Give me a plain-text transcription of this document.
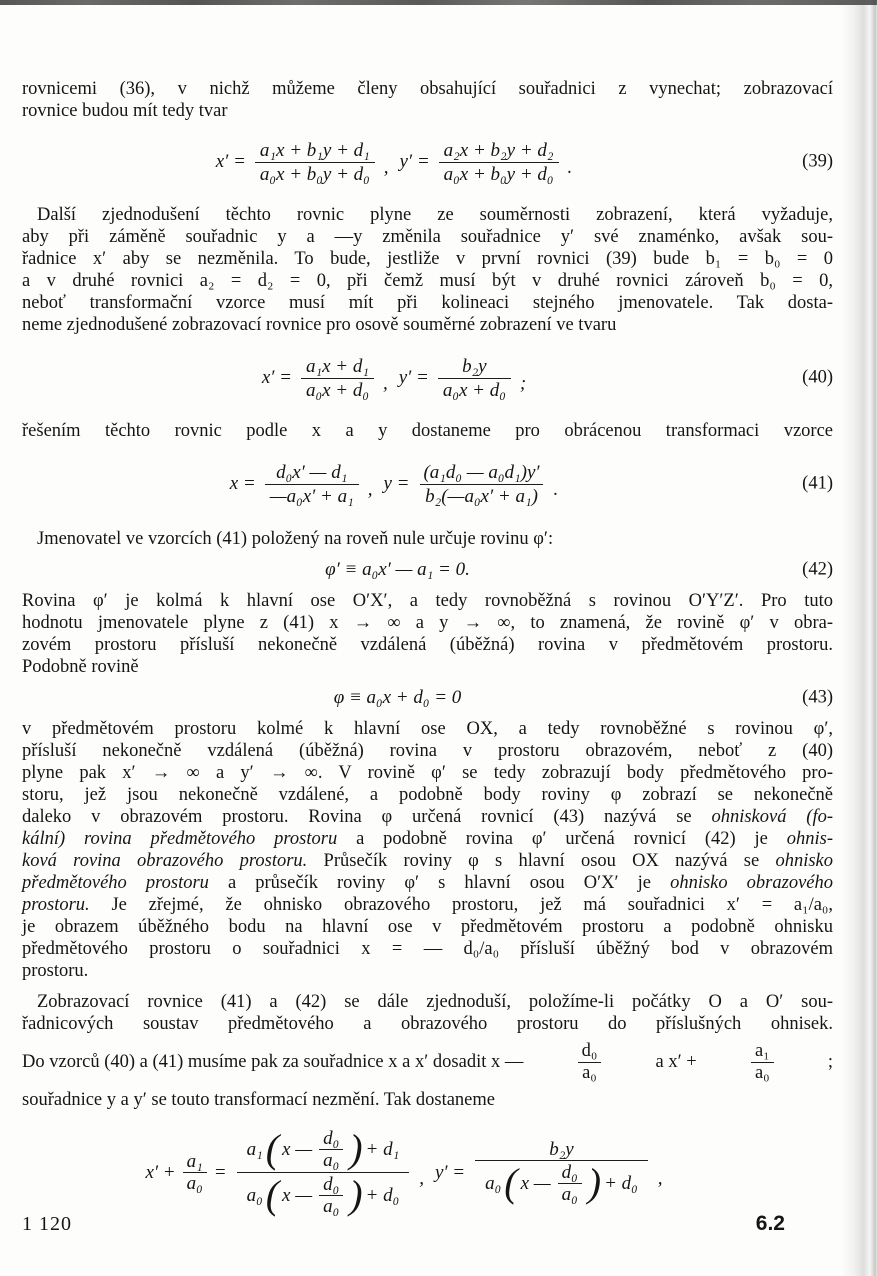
rovnicemi (36), v nichž můžeme členy obsahující souřadnici z vynechat; zobrazovací
rovnice budou mít tedy tvar
$x' = \frac{\text{a₁x + b₁y + d₁}}{\text{a₀x + b₀y + d₀}}$ , $y' = \frac{\text{a₂x + b₂y + d₂}}{\text{a₀x + b₀y + d₀}}$ .	(39)
Další zjednodušení těchto rovnic plyne ze souměrnosti zobrazení, která vyžaduje,
aby při záměně souřadnic y a —y změnila souřadnice y′ své znaménko, avšak sou-
řadnice x′ aby se nezměnila. To bude, jestliže v první rovnici (39) bude b₁ = b₀ = 0
a v druhé rovnici a₂ = d₂ = 0, při čemž musí být v druhé rovnici zároveň b₀ = 0,
neboť transformační vzorce musí mít při kolineaci stejného jmenovatele. Tak dosta-
neme zjednodušené zobrazovací rovnice pro osově souměrné zobrazení ve tvaru
$x' = \frac{\text{a₁x + d₁}}{\text{a₀x + d₀}}$ , $y' = \frac{\text{b₂y}}{\text{a₀x + d₀}}$ ;	(40)
řešením těchto rovnic podle x a y dostaneme pro obrácenou transformaci vzorce
$x = \frac{\text{d₀x′ — d₁}}{\text{—a₀x′ + a₁}}$ , $y = \frac{\text{(a₁d₀ — a₀d₁)y′}}{\text{b₂(—a₀x′ + a₁)}}$ .	(41)
Jmenovatel ve vzorcích (41) položený na roveň nule určuje rovinu φ′:
φ′ ≡ a₀x′ — a₁ = 0.	(42)
Rovina φ′ je kolmá k hlavní ose O′X′, a tedy rovnoběžná s rovinou O′Y′Z′. Pro tuto
hodnotu jmenovatele plyne z (41) x → ∞ a y → ∞, to znamená, že rovině φ′ v obra-
zovém prostoru přísluší nekonečně vzdálená (úběžná) rovina v předmětovém prostoru.
Podobně rovině
φ ≡ a₀x + d₀ = 0	(43)
v předmětovém prostoru kolmé k hlavní ose OX, a tedy rovnoběžné s rovinou φ′,
přísluší nekonečně vzdálená (úběžná) rovina v prostoru obrazovém, neboť z (40)
plyne pak x′ → ∞ a y′ → ∞. V rovině φ′ se tedy zobrazují body předmětového pro-
storu, jež jsou nekonečně vzdálené, a podobně body roviny φ zobrazí se nekonečně
daleko v obrazovém prostoru. Rovina φ určená rovnicí (43) nazývá se ohnisková (fo-
kální) rovina předmětového prostoru a podobně rovina φ′ určená rovnicí (42) je ohnis-
ková rovina obrazového prostoru. Průsečík roviny φ s hlavní osou OX nazývá se ohnisko
předmětového prostoru a průsečík roviny φ′ s hlavní osou O′X′ je ohnisko obrazového
prostoru. Je zřejmé, že ohnisko obrazového prostoru, jež má souřadnici x′ = a₁/a₀,
je obrazem úběžného bodu na hlavní ose v předmětovém prostoru a podobně ohnisku
předmětového prostoru o souřadnici x = — d₀/a₀ přísluší úběžný bod v obrazovém
prostoru.
Zobrazovací rovnice (41) a (42) se dále zjednoduší, položíme-li počátky O a O′ sou-
řadnicových soustav předmětového a obrazového prostoru do příslušných ohnisek.
Do vzorců (40) a (41) musíme pak za souřadnice x a x′ dosadit x —	$\frac{\text{d₀}}{\text{a₀}}$	a x′ +	$\frac{\text{a₁}}{\text{a₀}}$	;
souřadnice y a y′ se touto transformací nezmění. Tak dostaneme
$x' + \frac{\text{a₁}}{\text{a₀}}$ =
a₁ ( x — $\frac{\text{d₀}}{\text{a₀}}$ ) + d₁
a₀ ( x — $\frac{\text{d₀}}{\text{a₀}}$ ) + d₀
, y′ =
b₂y
a₀ ( x — $\frac{\text{d₀}}{\text{a₀}}$ ) + d₀ ,
1 120	6.2
